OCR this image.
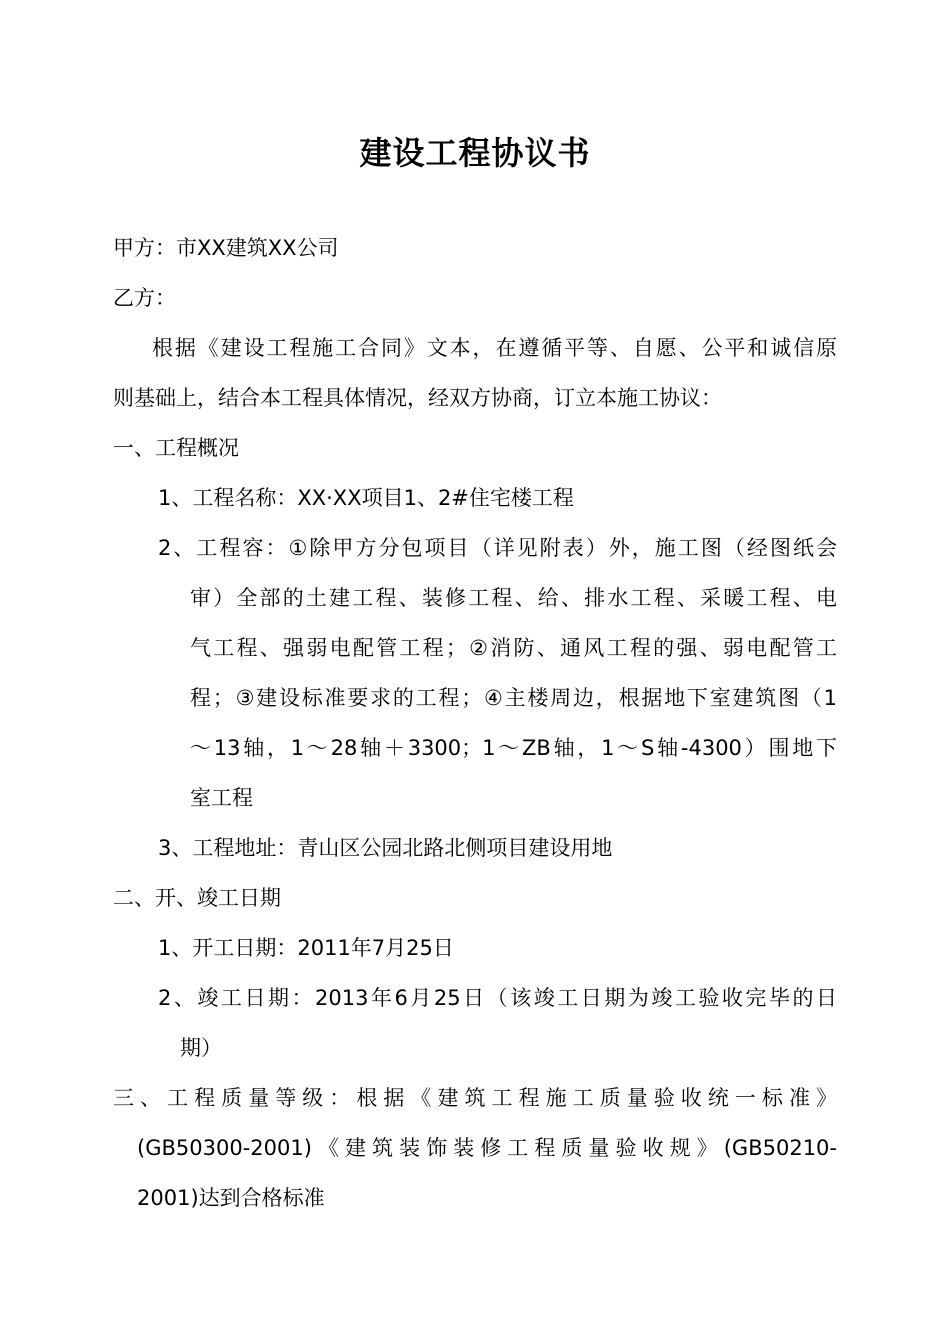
建设工程协议书
甲方：市XX建筑XX公司
乙方：
根据《建设工程施工合同》文本，在遵循平等、自愿、公平和诚信原
则基础上，结合本工程具体情况，经双方协商，订立本施工协议：
一、工程概况
1、工程名称：XX·XX项目1、2#住宅楼工程
2、工程容：①除甲方分包项目（详见附表）外，施工图（经图纸会
审）全部的土建工程、装修工程、给、排水工程、采暖工程、电
气工程、强弱电配管工程；②消防、通风工程的强、弱电配管工
程；③建设标准要求的工程；④主楼周边，根据地下室建筑图（1
～13轴，1～28轴＋3300；1～ZB轴，1～S轴-4300）围地下
室工程
3、工程地址：青山区公园北路北侧项目建设用地
二、开、竣工日期
1、开工日期：2011年7月25日
2、竣工日期：2013年6月25日（该竣工日期为竣工验收完毕的日
期）
三、工程质量等级：根据《建筑工程施工质量验收统一标准》
(GB50300-2001)《建筑装饰装修工程质量验收规》(GB50210-
2001)达到合格标准
